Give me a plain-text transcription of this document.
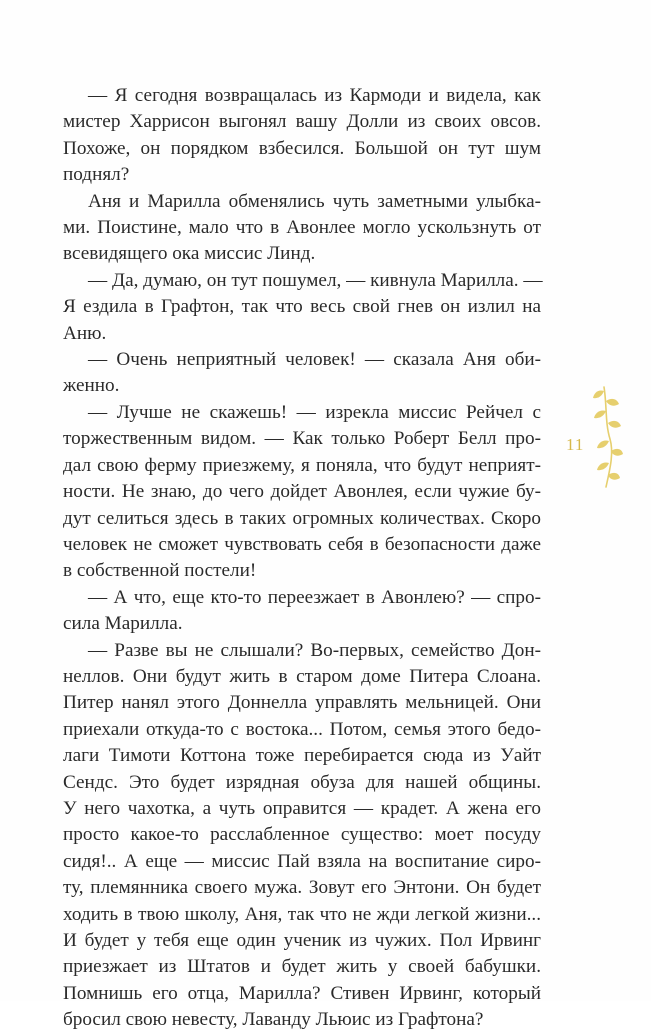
— Я сегодня возвращалась из Кармоди и видела, как
мистер Харрисон выгонял вашу Долли из своих овсов.
Похоже, он порядком взбесился. Большой он тут шум
поднял?
Аня и Марилла обменялись чуть заметными улыбка-
ми. Поистине, мало что в Авонлее могло ускользнуть от
всевидящего ока миссис Линд.
— Да, думаю, он тут пошумел, — кивнула Марилла. —
Я ездила в Графтон, так что весь свой гнев он излил на
Аню.
— Очень неприятный человек! — сказала Аня оби-
женно.
— Лучше не скажешь! — изрекла миссис Рейчел с
торжественным видом. — Как только Роберт Белл про-
дал свою ферму приезжему, я поняла, что будут неприят-
ности. Не знаю, до чего дойдет Авонлея, если чужие бу-
дут селиться здесь в таких огромных количествах. Скоро
человек не сможет чувствовать себя в безопасности даже
в собственной постели!
— А что, еще кто-то переезжает в Авонлею? — спро-
сила Марилла.
— Разве вы не слышали? Во-первых, семейство Дон-
неллов. Они будут жить в старом доме Питера Слоана.
Питер нанял этого Доннелла управлять мельницей. Они
приехали откуда-то с востока... Потом, семья этого бедо-
лаги Тимоти Коттона тоже перебирается сюда из Уайт
Сендс. Это будет изрядная обуза для нашей общины.
У него чахотка, а чуть оправится — крадет. А жена его
просто какое-то расслабленное существо: моет посуду
сидя!.. А еще — миссис Пай взяла на воспитание сиро-
ту, племянника своего мужа. Зовут его Энтони. Он будет
ходить в твою школу, Аня, так что не жди легкой жизни...
И будет у тебя еще один ученик из чужих. Пол Ирвинг
приезжает из Штатов и будет жить у своей бабушки.
Помнишь его отца, Марилла? Стивен Ирвинг, который
бросил свою невесту, Лаванду Льюис из Графтона?
11
